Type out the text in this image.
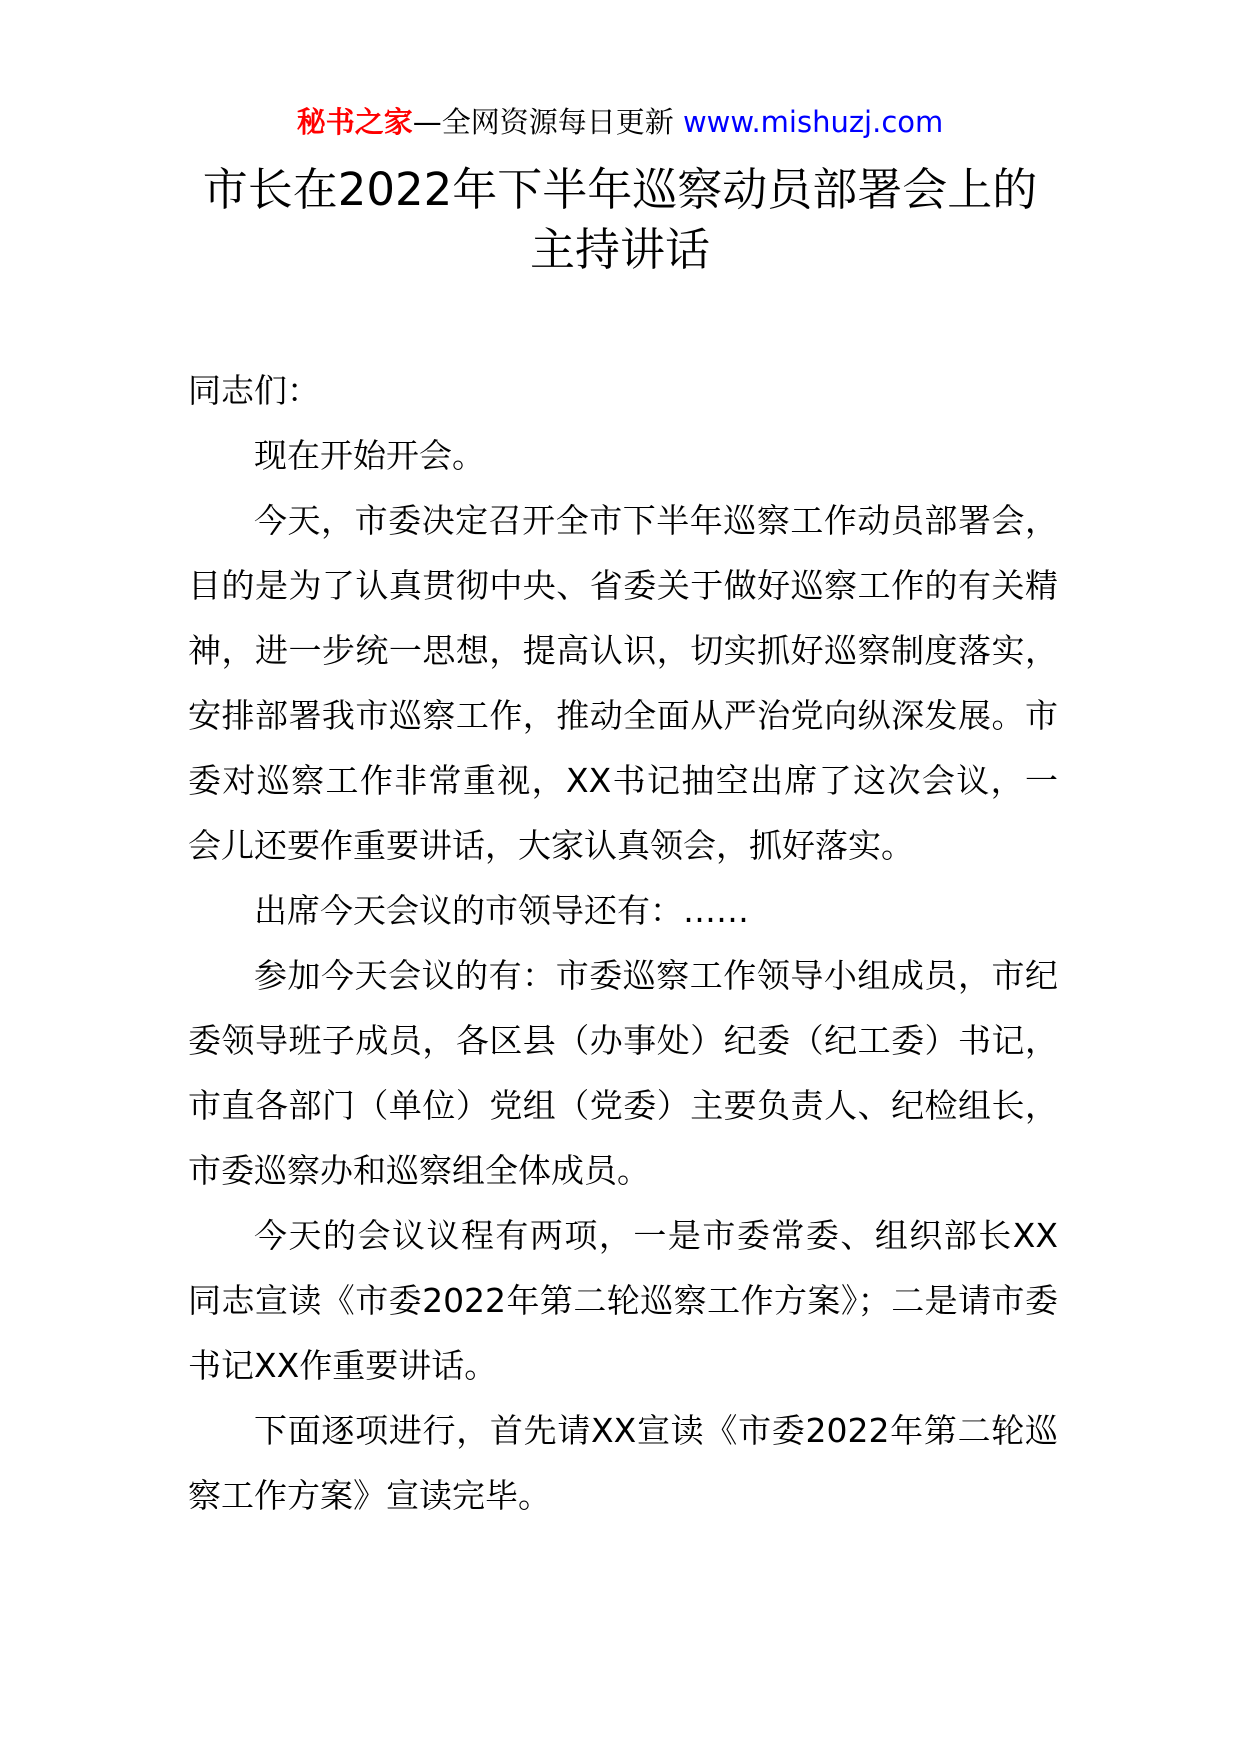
秘书之家—全网资源每日更新 www.mishuzj.com
市长在2022年下半年巡察动员部署会上的
主持讲话

同志们：

现在开始开会。

今天，市委决定召开全市下半年巡察工作动员部署会，目的是为了认真贯彻中央、省委关于做好巡察工作的有关精神，进一步统一思想，提高认识，切实抓好巡察制度落实，安排部署我市巡察工作，推动全面从严治党向纵深发展。市委对巡察工作非常重视，XX书记抽空出席了这次会议，一会儿还要作重要讲话，大家认真领会，抓好落实。

出席今天会议的市领导还有：……

参加今天会议的有：市委巡察工作领导小组成员，市纪委领导班子成员，各区县（办事处）纪委（纪工委）书记，市直各部门（单位）党组（党委）主要负责人、纪检组长，市委巡察办和巡察组全体成员。

今天的会议议程有两项，一是市委常委、组织部长XX同志宣读《市委2022年第二轮巡察工作方案》；二是请市委书记XX作重要讲话。

下面逐项进行，首先请XX宣读《市委2022年第二轮巡察工作方案》宣读完毕。
